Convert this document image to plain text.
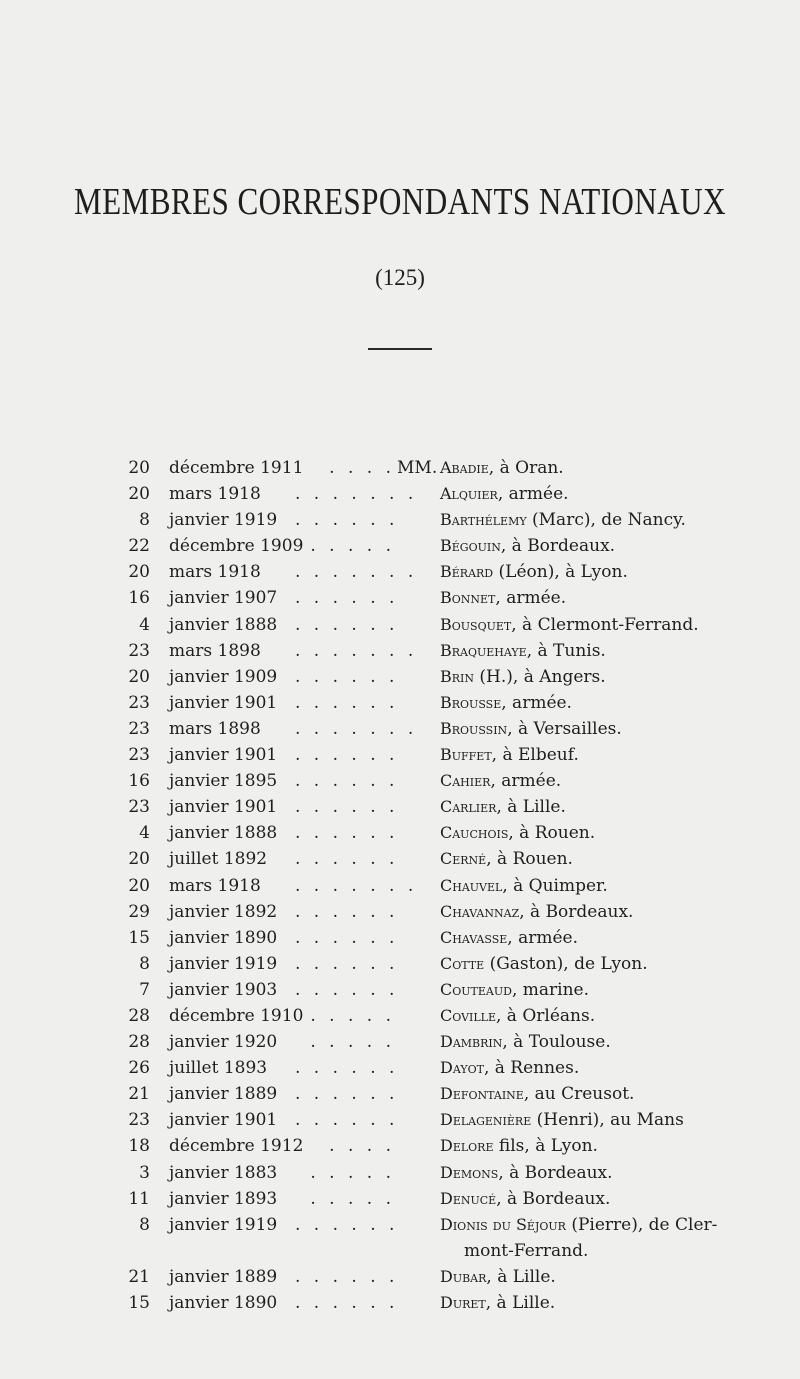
MEMBRES CORRESPONDANTS NATIONAUX
(125)
20 décembre 1911	. . . . MM. Abadie, à Oran.
20 mars 1918 . . . . . . . Alquier, armée.
8 janvier 1919 . . . . . .	Barthélemy (Marc), de Nancy.
22 décembre 1909 . . . . .	Bégouin, à Bordeaux.
20 mars 1918 . . . . . . . Bérard (Léon), à Lyon.
16 janvier 1907 . . . . . .	Bonnet, armée.
4 janvier 1888 . . . . . .	Bousquet, à Clermont-Ferrand.
23 mars 1898 . . . . . . . Braquehaye, à Tunis.
20 janvier 1909 . . . . . .	Brin (H.), à Angers.
23 janvier 1901 . . . . . .	Brousse, armée.
23 mars 1898 . . . . . . . Broussin, à Versailles.
23 janvier 1901 . . . . . .	Buffet, à Elbeuf.
16 janvier 1895 . . . . . .	Cahier, armée.
23 janvier 1901 . . . . . .	Carlier, à Lille.
4 janvier 1888 . . . . . .	Cauchois, à Rouen.
20 juillet 1892 . . . . . .	Cerné, à Rouen.
20 mars 1918 . . . . . . . Chauvel, à Quimper.
29 janvier 1892 . . . . . .	Chavannaz, à Bordeaux.
15 janvier 1890 . . . . . .	Chavasse, armée.
8 janvier 1919 . . . . . .	Cotte (Gaston), de Lyon.
7 janvier 1903 . . . . . .	Couteaud, marine.
28 décembre 1910 . . . . .	Coville, à Orléans.
28 janvier 1920	. . . . .	Dambrin, à Toulouse.
26 juillet 1893 . . . . . .	Dayot, à Rennes.
21 janvier 1889 . . . . . .	Defontaine, au Creusot.
23 janvier 1901 . . . . . .	Delagenière (Henri), au Mans
18 décembre 1912	. . . .	Delore fils, à Lyon.
3 janvier 1883	. . . . .	Demons, à Bordeaux.
11 janvier 1893	. . . . .	Denucé, à Bordeaux.
8 janvier 1919 . . . . . .	Dionis du Séjour (Pierre), de Cler-
mont-Ferrand.
21 janvier 1889 . . . . . .	Dubar, à Lille.
15 janvier 1890 . . . . . .	Duret, à Lille.
